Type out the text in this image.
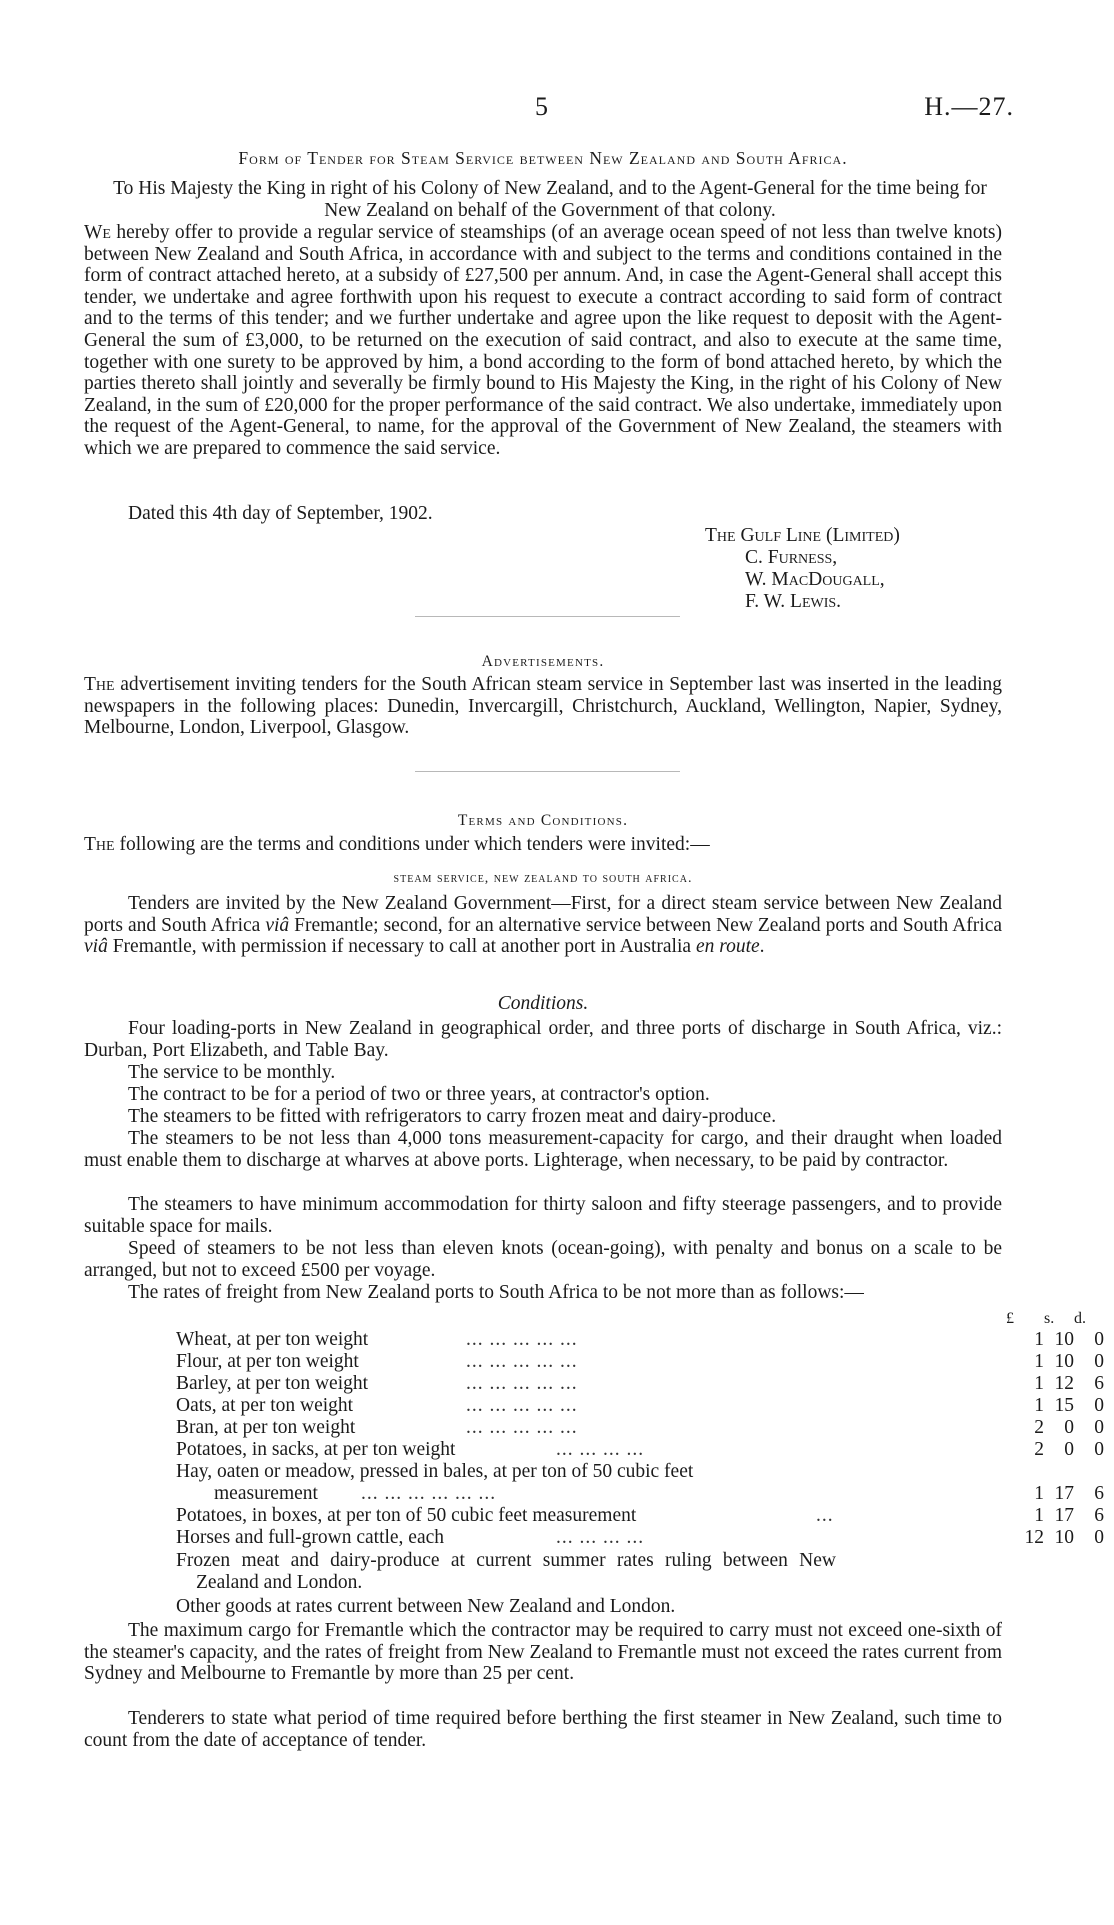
5	H.—27.
Form of Tender for Steam Service between New Zealand and South Africa.
To His Majesty the King in right of his Colony of New Zealand, and to the Agent-General for the time being for New Zealand on behalf of the Government of that colony.
We hereby offer to provide a regular service of steamships (of an average ocean speed of not less than twelve knots) between New Zealand and South Africa, in accordance with and subject to the terms and conditions contained in the form of contract attached hereto, at a subsidy of £27,500 per annum. And, in case the Agent-General shall accept this tender, we undertake and agree forthwith upon his request to execute a contract according to said form of contract and to the terms of this tender; and we further undertake and agree upon the like request to deposit with the Agent-General the sum of £3,000, to be returned on the execution of said contract, and also to execute at the same time, together with one surety to be approved by him, a bond according to the form of bond attached hereto, by which the parties thereto shall jointly and severally be firmly bound to His Majesty the King, in the right of his Colony of New Zealand, in the sum of £20,000 for the proper performance of the said contract. We also undertake, immediately upon the request of the Agent-General, to name, for the approval of the Government of New Zealand, the steamers with which we are prepared to commence the said service.
Dated this 4th day of September, 1902.
The Gulf Line (Limited)
C. Furness,
W. MacDougall,
F. W. Lewis.
Advertisements.
The advertisement inviting tenders for the South African steam service in September last was inserted in the leading newspapers in the following places: Dunedin, Invercargill, Christchurch, Auckland, Wellington, Napier, Sydney, Melbourne, London, Liverpool, Glasgow.
Terms and Conditions.
The following are the terms and conditions under which tenders were invited:—
steam service, new zealand to south africa.
Tenders are invited by the New Zealand Government—First, for a direct steam service between New Zealand ports and South Africa viâ Fremantle; second, for an alternative service between New Zealand ports and South Africa viâ Fremantle, with permission if necessary to call at another port in Australia en route.
Conditions.
Four loading-ports in New Zealand in geographical order, and three ports of discharge in South Africa, viz.: Durban, Port Elizabeth, and Table Bay.
The service to be monthly.
The contract to be for a period of two or three years, at contractor's option.
The steamers to be fitted with refrigerators to carry frozen meat and dairy-produce.
The steamers to be not less than 4,000 tons measurement-capacity for cargo, and their draught when loaded must enable them to discharge at wharves at above ports. Lighterage, when necessary, to be paid by contractor.
The steamers to have minimum accommodation for thirty saloon and fifty steerage passengers, and to provide suitable space for mails.
Speed of steamers to be not less than eleven knots (ocean-going), with penalty and bonus on a scale to be arranged, but not to exceed £500 per voyage.
The rates of freight from New Zealand ports to South Africa to be not more than as follows:—
£	s.	d.
Wheat, at per ton weight	... ... ... ... ...	1 10	0
Flour, at per ton weight	... ... ... ... ...	1 10	0
Barley, at per ton weight	... ... ... ... ...	1 12	6
Oats, at per ton weight	... ... ... ... ...	1 15	0
Bran, at per ton weight	... ... ... ... ...	2	0	0
Potatoes, in sacks, at per ton weight	... ... ... ...	2	0	0
Hay, oaten or meadow, pressed in bales, at per ton of 50 cubic feet
measurement ... ... ... ... ... ...	1 17	6
Potatoes, in boxes, at per ton of 50 cubic feet measurement	...	1 17	6
Horses and full-grown cattle, each	... ... ... ...	12 10	0
Frozen meat and dairy-produce at current summer rates ruling between New Zealand and London.
Other goods at rates current between New Zealand and London.
The maximum cargo for Fremantle which the contractor may be required to carry must not exceed one-sixth of the steamer's capacity, and the rates of freight from New Zealand to Fremantle must not exceed the rates current from Sydney and Melbourne to Fremantle by more than 25 per cent.
Tenderers to state what period of time required before berthing the first steamer in New Zealand, such time to count from the date of acceptance of tender.
